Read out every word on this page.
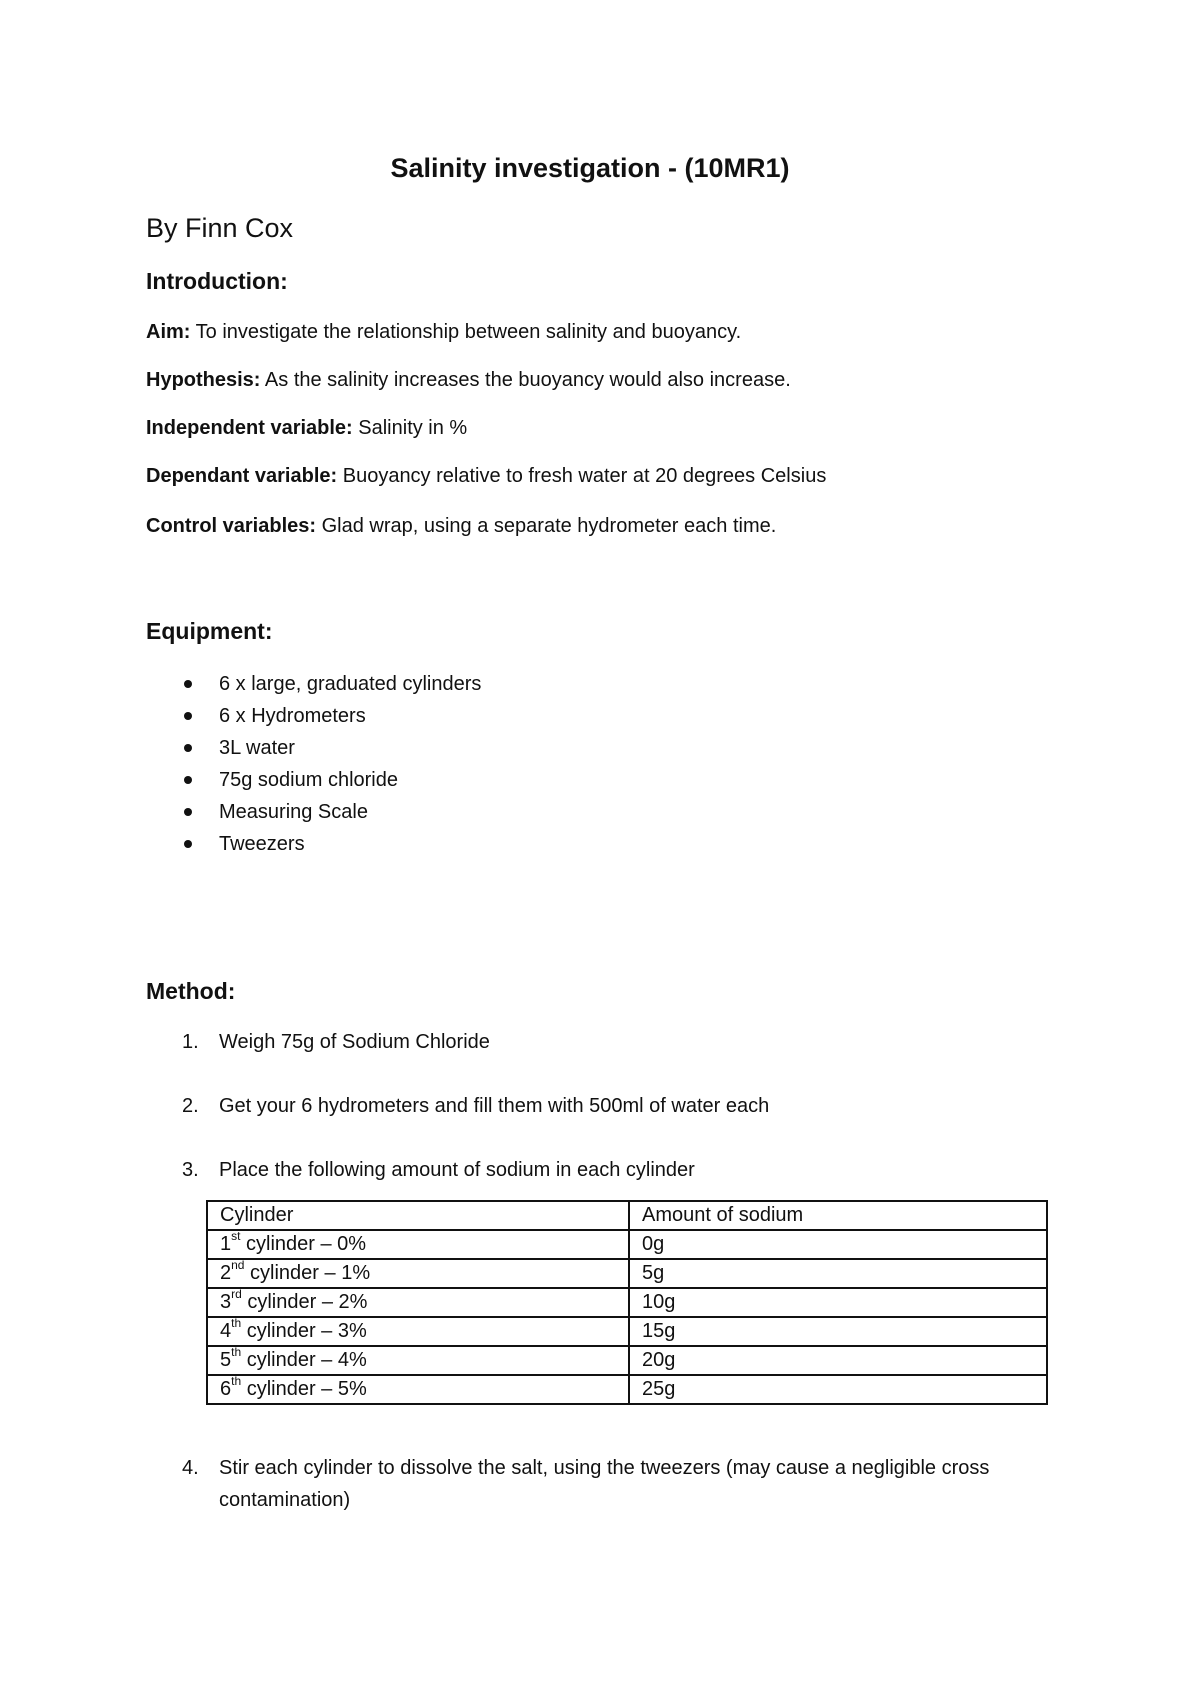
Salinity investigation - (10MR1)
By Finn Cox
Introduction:

Aim: To investigate the relationship between salinity and buoyancy.

Hypothesis: As the salinity increases the buoyancy would also increase.

Independent variable: Salinity in %

Dependant variable: Buoyancy relative to fresh water at 20 degrees Celsius

Control variables: Glad wrap, using a separate hydrometer each time.

Equipment:
6 x large, graduated cylinders
6 x Hydrometers
3L water
75g sodium chloride
Measuring Scale
Tweezers
Method:
1. Weigh 75g of Sodium Chloride
2. Get your 6 hydrometers and fill them with 500ml of water each
3. Place the following amount of sodium in each cylinder
Cylinder	Amount of sodium
1st cylinder – 0%	0g
2nd cylinder – 1%	5g
3rd cylinder – 2%	10g
4th cylinder – 3%	15g
5th cylinder – 4%	20g
6th cylinder – 5%	25g
4. Stir each cylinder to dissolve the salt, using the tweezers (may cause a negligible cross contamination)
